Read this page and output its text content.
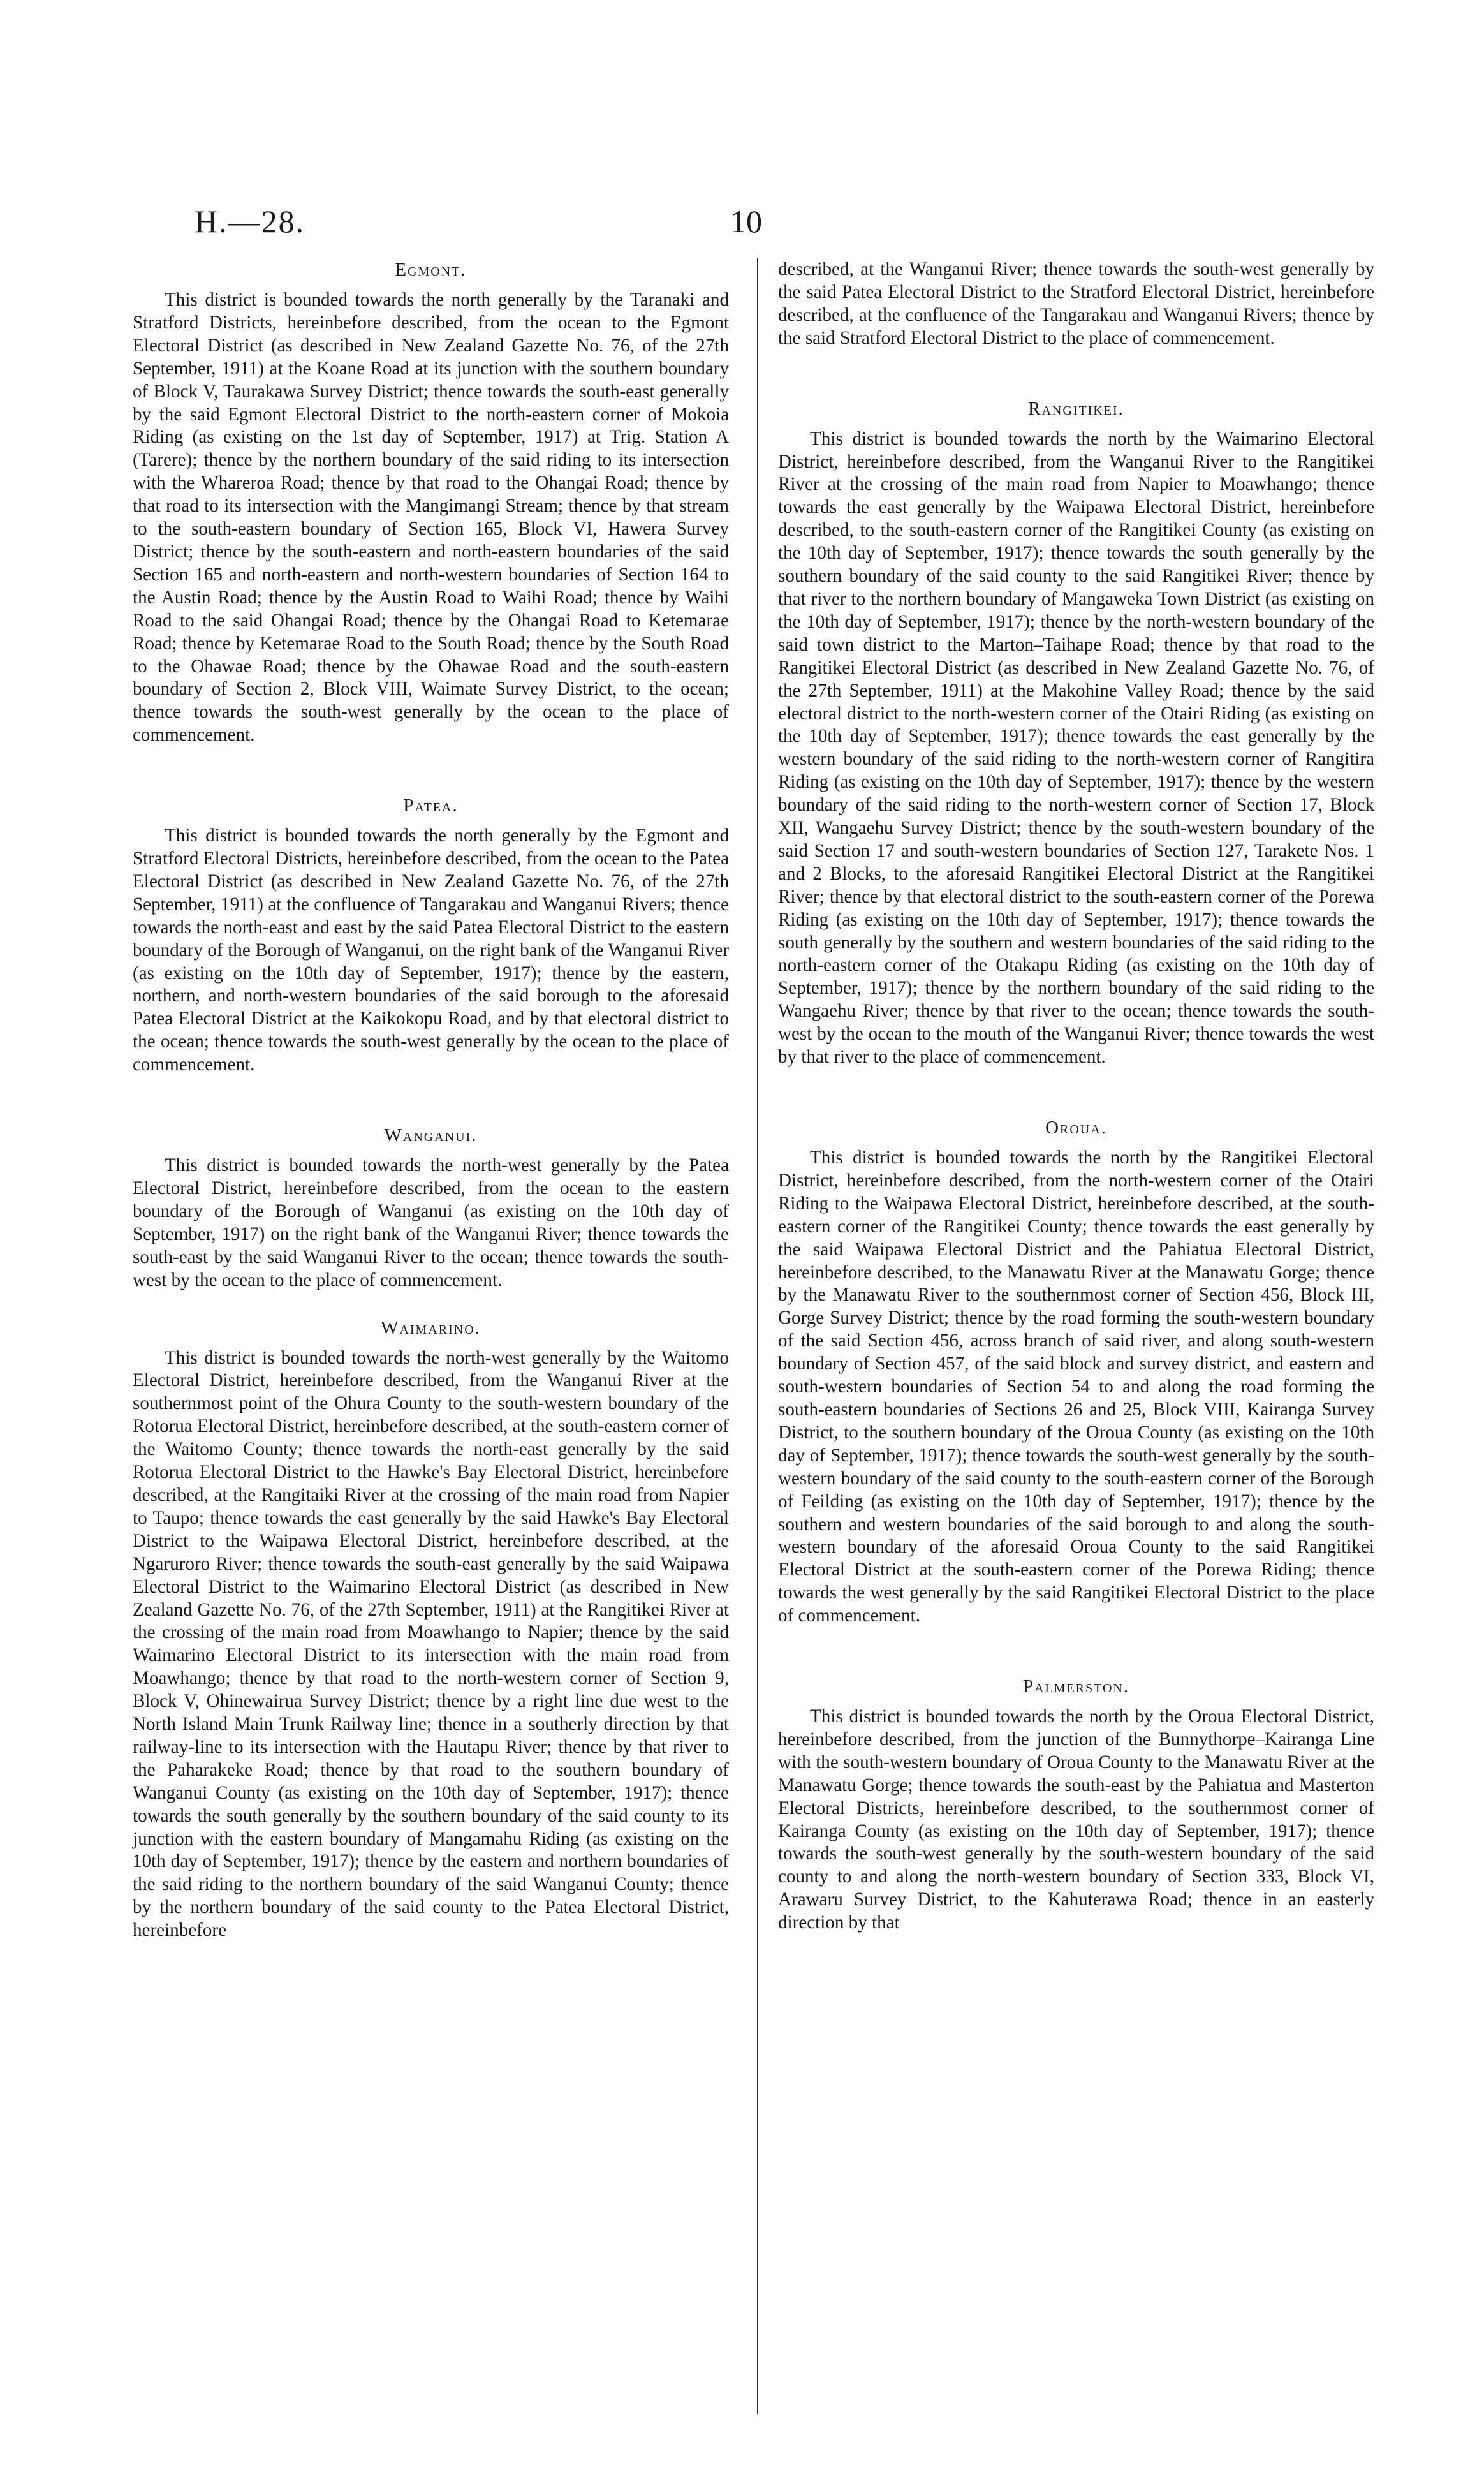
H.—28.	10
Egmont.

This district is bounded towards the north generally by the Taranaki and Stratford Districts, hereinbefore described, from the ocean to the Egmont Electoral District (as described in New Zealand Gazette No. 76, of the 27th September, 1911) at the Koane Road at its junction with the southern boundary of Block V, Taurakawa Survey District; thence towards the south-east generally by the said Egmont Electoral District to the north-eastern corner of Mokoia Riding (as existing on the 1st day of September, 1917) at Trig. Station A (Tarere); thence by the northern boundary of the said riding to its intersection with the Whareroa Road; thence by that road to the Ohangai Road; thence by that road to its intersection with the Mangimangi Stream; thence by that stream to the south-eastern boundary of Section 165, Block VI, Hawera Survey District; thence by the south-eastern and north-eastern boundaries of the said Section 165 and north-eastern and north-western boundaries of Section 164 to the Austin Road; thence by the Austin Road to Waihi Road; thence by Waihi Road to the said Ohangai Road; thence by the Ohangai Road to Ketemarae Road; thence by Ketemarae Road to the South Road; thence by the South Road to the Ohawae Road; thence by the Ohawae Road and the south-eastern boundary of Section 2, Block VIII, Waimate Survey District, to the ocean; thence towards the south-west generally by the ocean to the place of commencement.

Patea.

This district is bounded towards the north generally by the Egmont and Stratford Electoral Districts, hereinbefore described, from the ocean to the Patea Electoral District (as described in New Zealand Gazette No. 76, of the 27th September, 1911) at the confluence of Tangarakau and Wanganui Rivers; thence towards the north-east and east by the said Patea Electoral District to the eastern boundary of the Borough of Wanganui, on the right bank of the Wanganui River (as existing on the 10th day of September, 1917); thence by the eastern, northern, and north-western boundaries of the said borough to the aforesaid Patea Electoral District at the Kaikokopu Road, and by that electoral district to the ocean; thence towards the south-west generally by the ocean to the place of commencement.

Wanganui.

This district is bounded towards the north-west generally by the Patea Electoral District, hereinbefore described, from the ocean to the eastern boundary of the Borough of Wanganui (as existing on the 10th day of September, 1917) on the right bank of the Wanganui River; thence towards the south-east by the said Wanganui River to the ocean; thence towards the south-west by the ocean to the place of commencement.

Waimarino.

This district is bounded towards the north-west generally by the Waitomo Electoral District, hereinbefore described, from the Wanganui River at the southernmost point of the Ohura County to the south-western boundary of the Rotorua Electoral District, hereinbefore described, at the south-eastern corner of the Waitomo County; thence towards the north-east generally by the said Rotorua Electoral District to the Hawke's Bay Electoral District, hereinbefore described, at the Rangitaiki River at the crossing of the main road from Napier to Taupo; thence towards the east generally by the said Hawke's Bay Electoral District to the Waipawa Electoral District, hereinbefore described, at the Ngaruroro River; thence towards the south-east generally by the said Waipawa Electoral District to the Waimarino Electoral District (as described in New Zealand Gazette No. 76, of the 27th September, 1911) at the Rangitikei River at the crossing of the main road from Moawhango to Napier; thence by the said Waimarino Electoral District to its intersection with the main road from Moawhango; thence by that road to the north-western corner of Section 9, Block V, Ohinewairua Survey District; thence by a right line due west to the North Island Main Trunk Railway line; thence in a southerly direction by that railway-line to its intersection with the Hautapu River; thence by that river to the Paharakeke Road; thence by that road to the southern boundary of Wanganui County (as existing on the 10th day of September, 1917); thence towards the south generally by the southern boundary of the said county to its junction with the eastern boundary of Mangamahu Riding (as existing on the 10th day of September, 1917); thence by the eastern and northern boundaries of the said riding to the northern boundary of the said Wanganui County; thence by the northern boundary of the said county to the Patea Electoral District, hereinbefore

described, at the Wanganui River; thence towards the south-west generally by the said Patea Electoral District to the Stratford Electoral District, hereinbefore described, at the confluence of the Tangarakau and Wanganui Rivers; thence by the said Stratford Electoral District to the place of commencement.

Rangitikei.

This district is bounded towards the north by the Waimarino Electoral District, hereinbefore described, from the Wanganui River to the Rangitikei River at the crossing of the main road from Napier to Moawhango; thence towards the east generally by the Waipawa Electoral District, hereinbefore described, to the south-eastern corner of the Rangitikei County (as existing on the 10th day of September, 1917); thence towards the south generally by the southern boundary of the said county to the said Rangitikei River; thence by that river to the northern boundary of Mangaweka Town District (as existing on the 10th day of September, 1917); thence by the north-western boundary of the said town district to the Marton–Taihape Road; thence by that road to the Rangitikei Electoral District (as described in New Zealand Gazette No. 76, of the 27th September, 1911) at the Makohine Valley Road; thence by the said electoral district to the north-western corner of the Otairi Riding (as existing on the 10th day of September, 1917); thence towards the east generally by the western boundary of the said riding to the north-western corner of Rangitira Riding (as existing on the 10th day of September, 1917); thence by the western boundary of the said riding to the north-western corner of Section 17, Block XII, Wangaehu Survey District; thence by the south-western boundary of the said Section 17 and south-western boundaries of Section 127, Tarakete Nos. 1 and 2 Blocks, to the aforesaid Rangitikei Electoral District at the Rangitikei River; thence by that electoral district to the south-eastern corner of the Porewa Riding (as existing on the 10th day of September, 1917); thence towards the south generally by the southern and western boundaries of the said riding to the north-eastern corner of the Otakapu Riding (as existing on the 10th day of September, 1917); thence by the northern boundary of the said riding to the Wangaehu River; thence by that river to the ocean; thence towards the south-west by the ocean to the mouth of the Wanganui River; thence towards the west by that river to the place of commencement.

Oroua.

This district is bounded towards the north by the Rangitikei Electoral District, hereinbefore described, from the north-western corner of the Otairi Riding to the Waipawa Electoral District, hereinbefore described, at the south-eastern corner of the Rangitikei County; thence towards the east generally by the said Waipawa Electoral District and the Pahiatua Electoral District, hereinbefore described, to the Manawatu River at the Manawatu Gorge; thence by the Manawatu River to the southernmost corner of Section 456, Block III, Gorge Survey District; thence by the road forming the south-western boundary of the said Section 456, across branch of said river, and along south-western boundary of Section 457, of the said block and survey district, and eastern and south-western boundaries of Section 54 to and along the road forming the south-eastern boundaries of Sections 26 and 25, Block VIII, Kairanga Survey District, to the southern boundary of the Oroua County (as existing on the 10th day of September, 1917); thence towards the south-west generally by the south-western boundary of the said county to the south-eastern corner of the Borough of Feilding (as existing on the 10th day of September, 1917); thence by the southern and western boundaries of the said borough to and along the south-western boundary of the aforesaid Oroua County to the said Rangitikei Electoral District at the south-eastern corner of the Porewa Riding; thence towards the west generally by the said Rangitikei Electoral District to the place of commencement.

Palmerston.

This district is bounded towards the north by the Oroua Electoral District, hereinbefore described, from the junction of the Bunnythorpe–Kairanga Line with the south-western boundary of Oroua County to the Manawatu River at the Manawatu Gorge; thence towards the south-east by the Pahiatua and Masterton Electoral Districts, hereinbefore described, to the southernmost corner of Kairanga County (as existing on the 10th day of September, 1917); thence towards the south-west generally by the south-western boundary of the said county to and along the north-western boundary of Section 333, Block VI, Arawaru Survey District, to the Kahuterawa Road; thence in an easterly direction by that
